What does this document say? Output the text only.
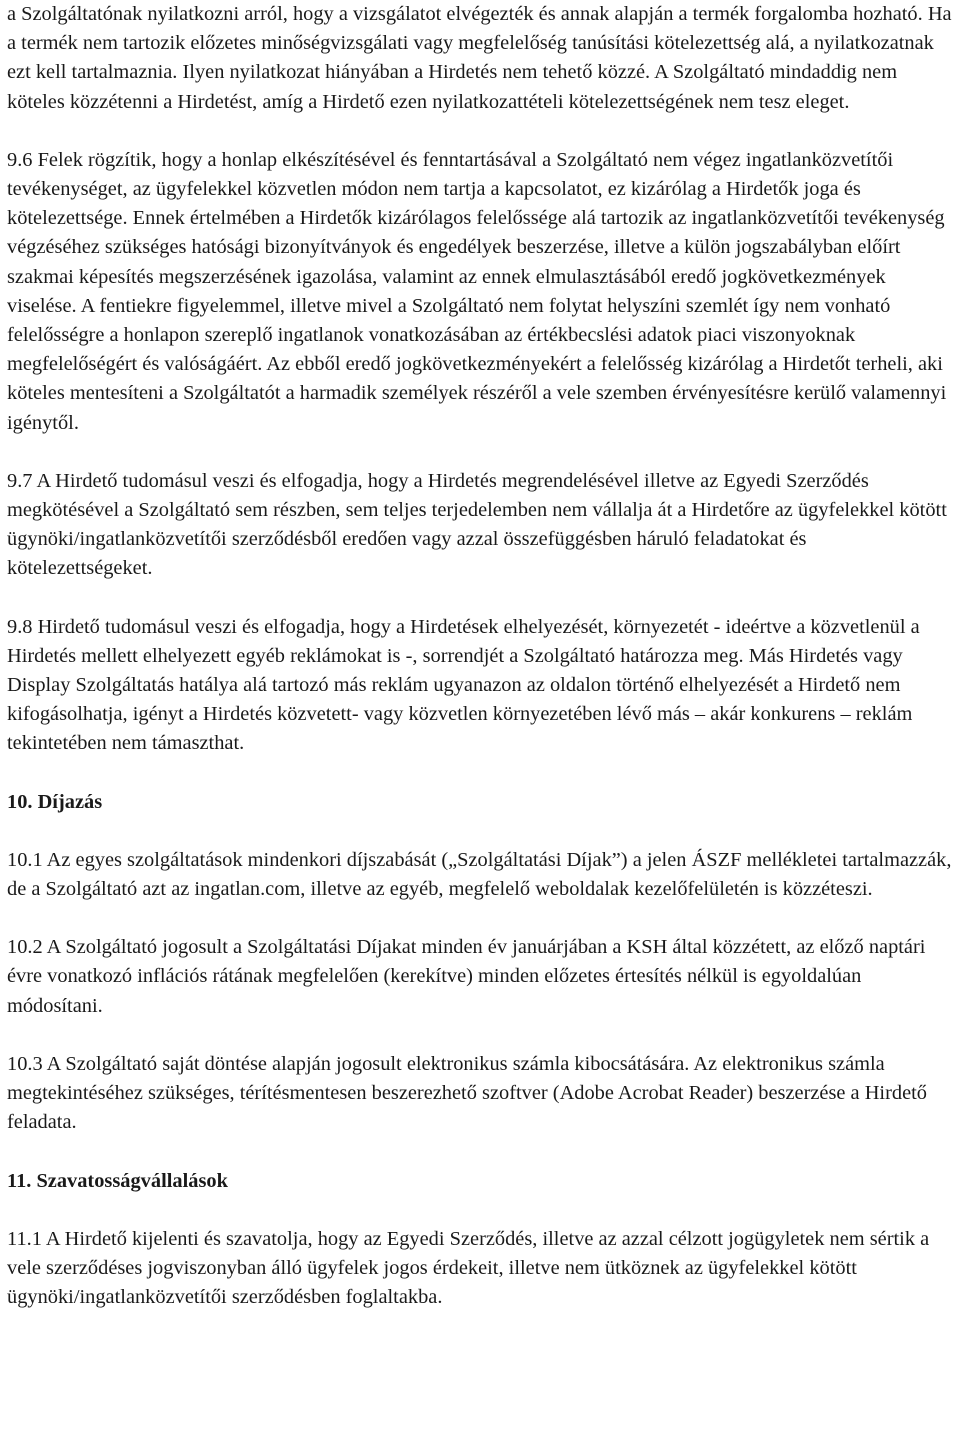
a Szolgáltatónak nyilatkozni arról, hogy a vizsgálatot elvégezték és annak alapján a termék forgalomba hozható. Ha a termék nem tartozik előzetes minőségvizsgálati vagy megfelelőség tanúsítási kötelezettség alá, a nyilatkozatnak ezt kell tartalmaznia. Ilyen nyilatkozat hiányában a Hirdetés nem tehető közzé. A Szolgáltató mindaddig nem köteles közzétenni a Hirdetést, amíg a Hirdető ezen nyilatkozattételi kötelezettségének nem tesz eleget.

9.6 Felek rögzítik, hogy a honlap elkészítésével és fenntartásával a Szolgáltató nem végez ingatlanközvetítői tevékenységet, az ügyfelekkel közvetlen módon nem tartja a kapcsolatot, ez kizárólag a Hirdetők joga és kötelezettsége. Ennek értelmében a Hirdetők kizárólagos felelőssége alá tartozik az ingatlanközvetítői tevékenység végzéséhez szükséges hatósági bizonyítványok és engedélyek beszerzése, illetve a külön jogszabályban előírt szakmai képesítés megszerzésének igazolása, valamint az ennek elmulasztásából eredő jogkövetkezmények viselése. A fentiekre figyelemmel, illetve mivel a Szolgáltató nem folytat helyszíni szemlét így nem vonható felelősségre a honlapon szereplő ingatlanok vonatkozásában az értékbecslési adatok piaci viszonyoknak megfelelőségért és valóságáért. Az ebből eredő jogkövetkezményekért a felelősség kizárólag a Hirdetőt terheli, aki köteles mentesíteni a Szolgáltatót a harmadik személyek részéről a vele szemben érvényesítésre kerülő valamennyi igénytől.

9.7 A Hirdető tudomásul veszi és elfogadja, hogy a Hirdetés megrendelésével illetve az Egyedi Szerződés megkötésével a Szolgáltató sem részben, sem teljes terjedelemben nem vállalja át a Hirdetőre az ügyfelekkel kötött ügynöki/ingatlanközvetítői szerződésből eredően vagy azzal összefüggésben háruló feladatokat és kötelezettségeket.

9.8 Hirdető tudomásul veszi és elfogadja, hogy a Hirdetések elhelyezését, környezetét - ideértve a közvetlenül a Hirdetés mellett elhelyezett egyéb reklámokat is -, sorrendjét a Szolgáltató határozza meg. Más Hirdetés vagy Display Szolgáltatás hatálya alá tartozó más reklám ugyanazon az oldalon történő elhelyezését a Hirdető nem kifogásolhatja, igényt a Hirdetés közvetett- vagy közvetlen környezetében lévő más – akár konkurens – reklám tekintetében nem támaszthat.

10. Díjazás

10.1 Az egyes szolgáltatások mindenkori díjszabását („Szolgáltatási Díjak”) a jelen ÁSZF mellékletei tartalmazzák, de a Szolgáltató azt az ingatlan.com, illetve az egyéb, megfelelő weboldalak kezelőfelületén is közzéteszi.

10.2 A Szolgáltató jogosult a Szolgáltatási Díjakat minden év januárjában a KSH által közzétett, az előző naptári évre vonatkozó inflációs rátának megfelelően (kerekítve) minden előzetes értesítés nélkül is egyoldalúan módosítani.

10.3 A Szolgáltató saját döntése alapján jogosult elektronikus számla kibocsátására. Az elektronikus számla megtekintéséhez szükséges, térítésmentesen beszerezhető szoftver (Adobe Acrobat Reader) beszerzése a Hirdető feladata.

11. Szavatosságvállalások

11.1 A Hirdető kijelenti és szavatolja, hogy az Egyedi Szerződés, illetve az azzal célzott jogügyletek nem sértik a vele szerződéses jogviszonyban álló ügyfelek jogos érdekeit, illetve nem ütköznek az ügyfelekkel kötött ügynöki/ingatlanközvetítői szerződésben foglaltakba.
